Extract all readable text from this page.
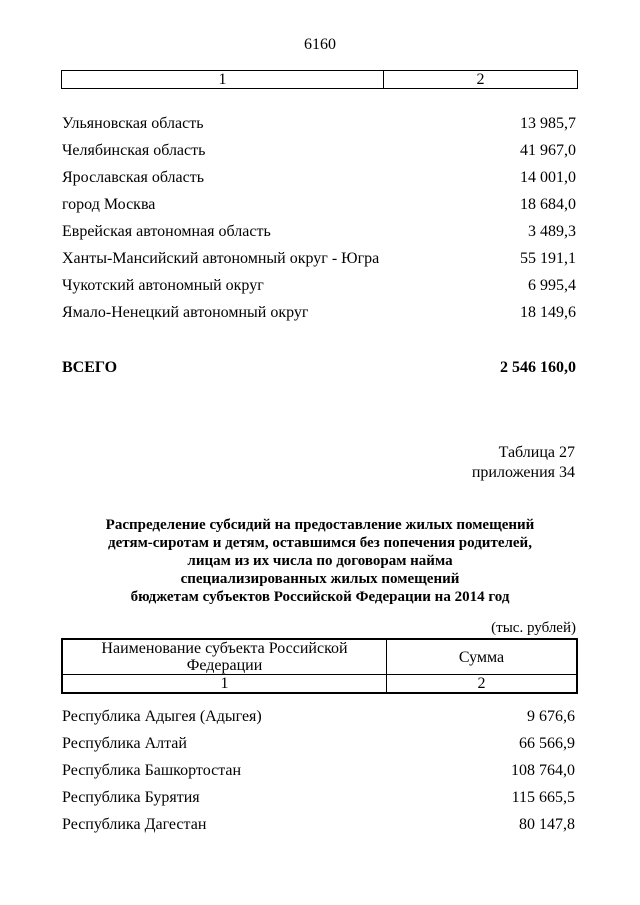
6160
1	2
Ульяновская область	13 985,7
Челябинская область	41 967,0
Ярославская область	14 001,0
город Москва	18 684,0
Еврейская автономная область	3 489,3
Ханты-Мансийский автономный округ - Югра	55 191,1
Чукотский автономный округ	6 995,4
Ямало-Ненецкий автономный округ	18 149,6
ВСЕГО	2 546 160,0
Таблица 27
приложения 34
Распределение субсидий на предоставление жилых помещений
детям-сиротам и детям, оставшимся без попечения родителей,
лицам из их числа по договорам найма
специализированных жилых помещений
бюджетам субъектов Российской Федерации на 2014 год
(тыс. рублей)
Наименование субъекта Российской Федерации	Сумма
1	2
Республика Адыгея (Адыгея)	9 676,6
Республика Алтай	66 566,9
Республика Башкортостан	108 764,0
Республика Бурятия	115 665,5
Республика Дагестан	80 147,8
